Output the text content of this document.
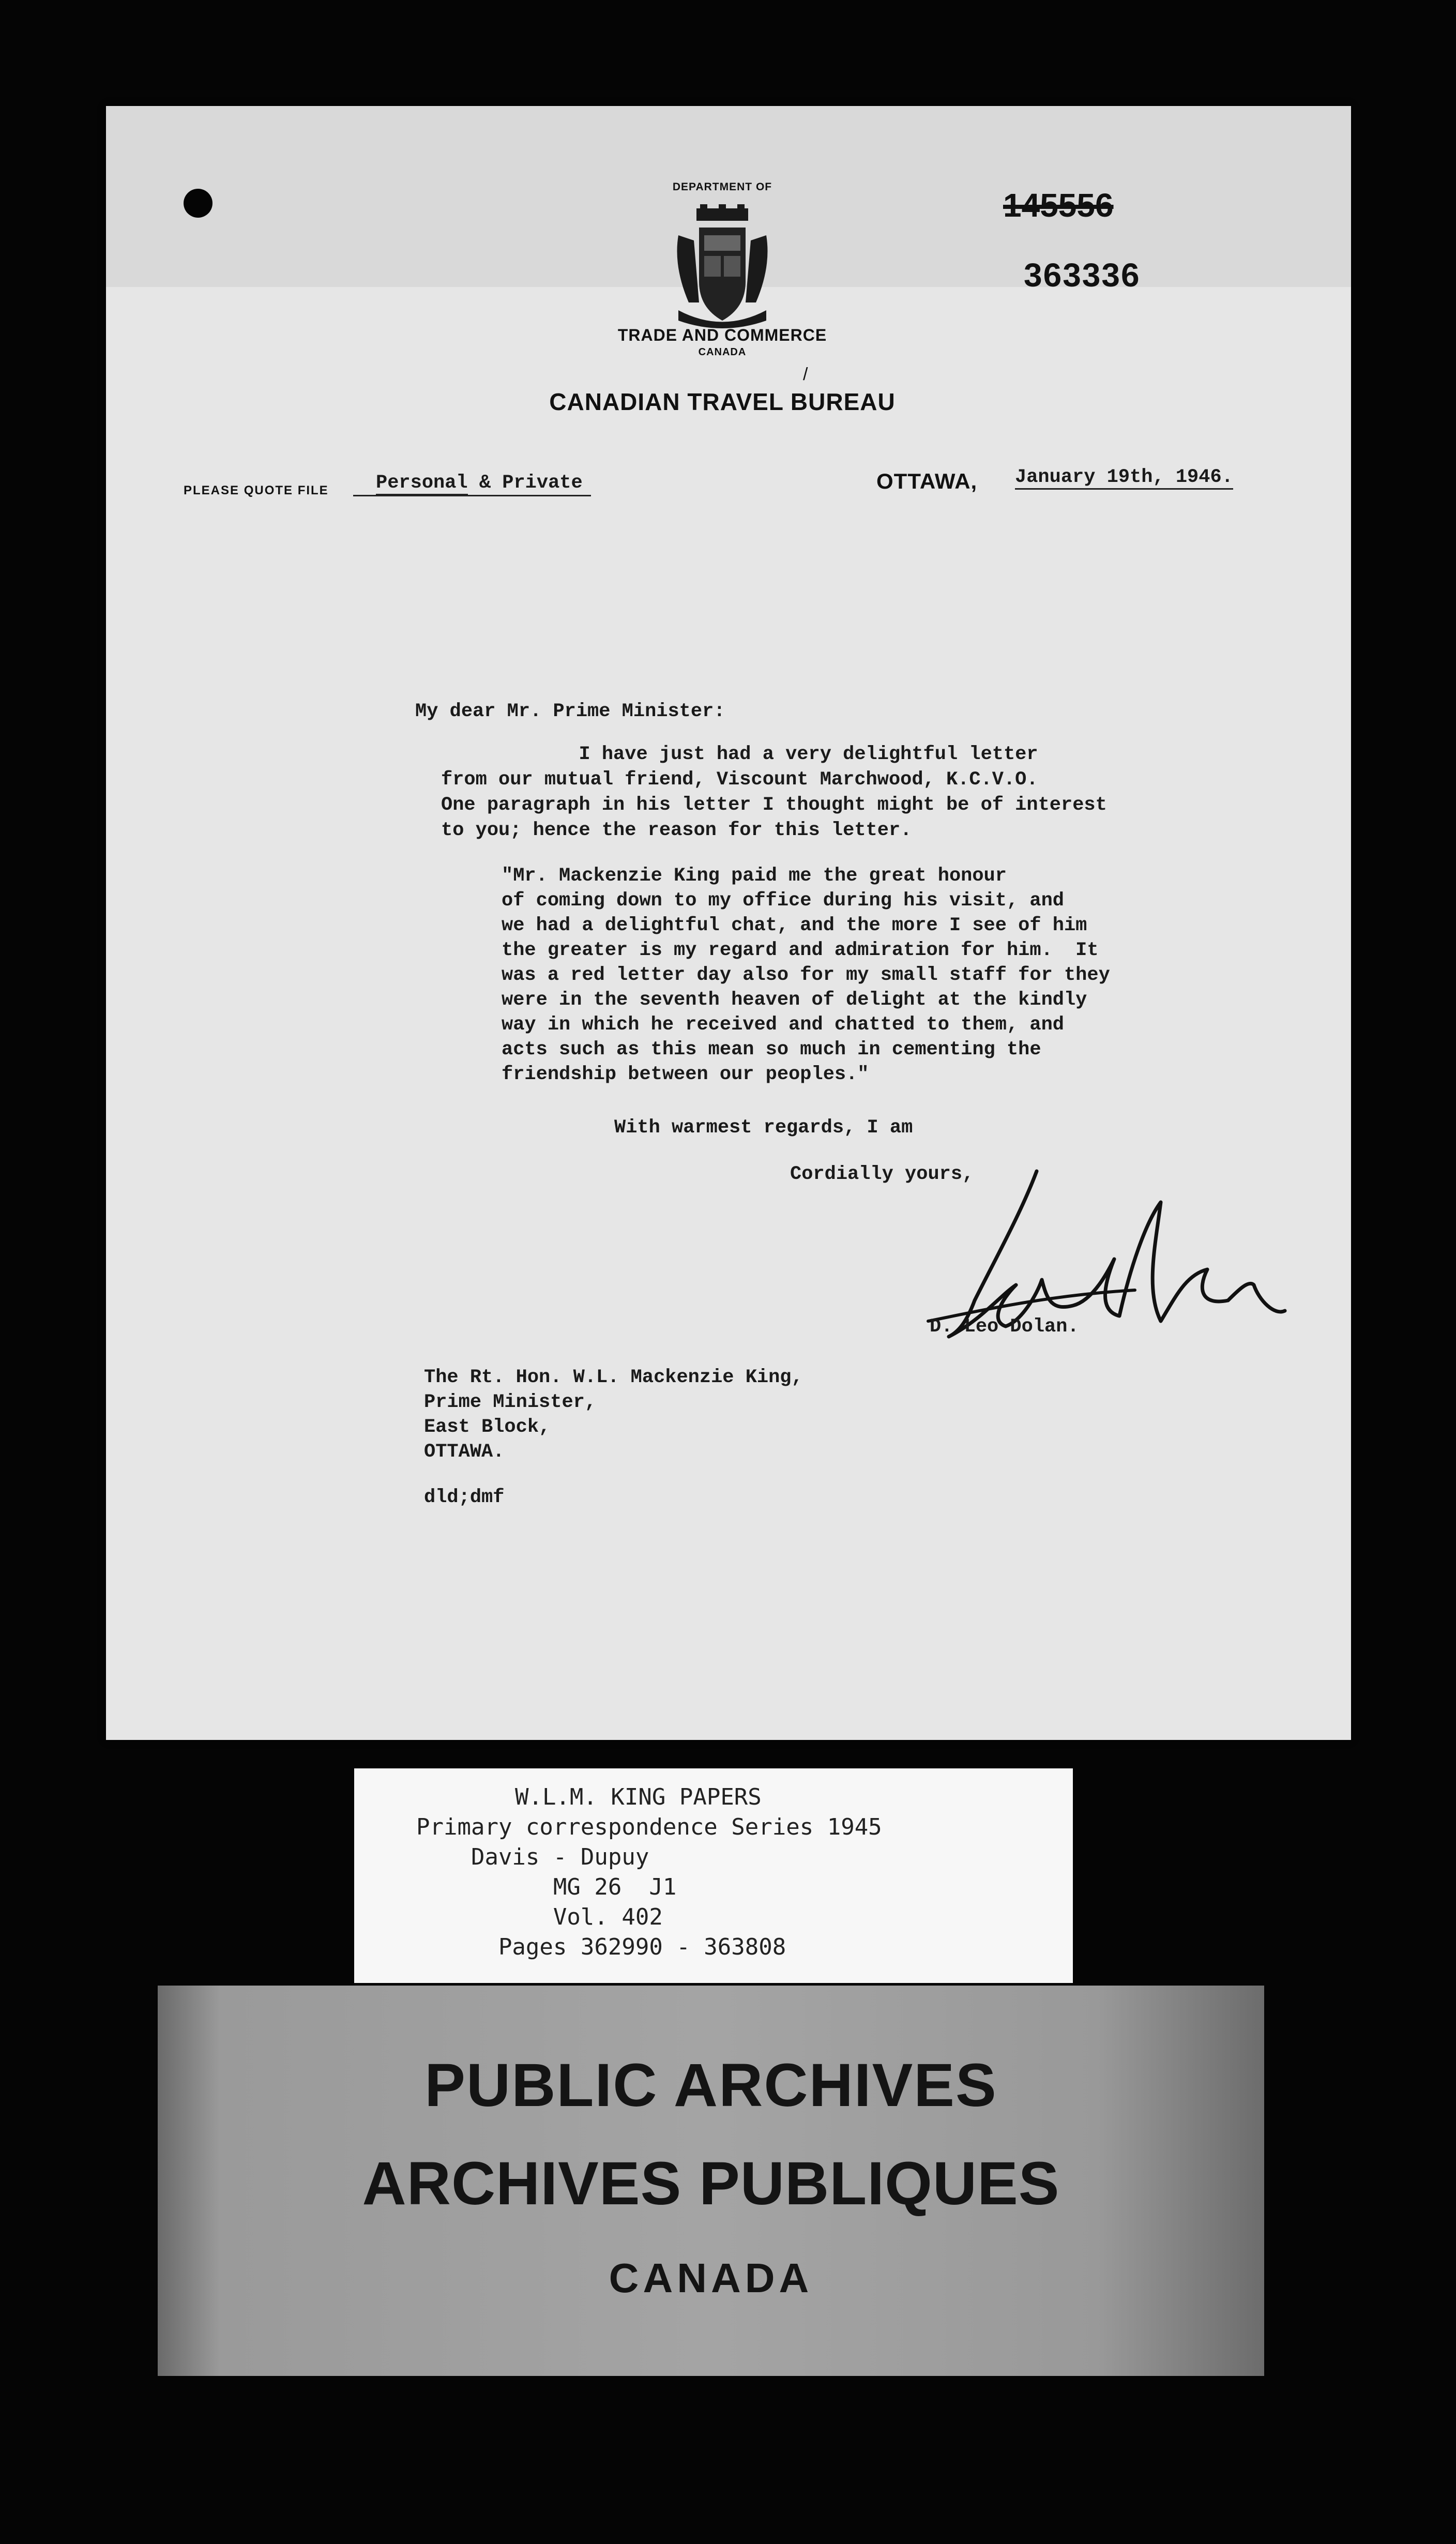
DEPARTMENT OF
TRADE AND COMMERCE
CANADA
/
CANADIAN TRAVEL BUREAU
145556
363336
PLEASE QUOTE FILE Personal & Private	OTTAWA, January 19th, 1946.
My dear Mr. Prime Minister:
I have just had a very delightful letter
from our mutual friend, Viscount Marchwood, K.C.V.O.
One paragraph in his letter I thought might be of interest
to you; hence the reason for this letter.
"Mr. Mackenzie King paid me the great honour
of coming down to my office during his visit, and
we had a delightful chat, and the more I see of him
the greater is my regard and admiration for him.  It
was a red letter day also for my small staff for they
were in the seventh heaven of delight at the kindly
way in which he received and chatted to them, and
acts such as this mean so much in cementing the
friendship between our peoples."
With warmest regards, I am
Cordially yours,
D. Leo Dolan.
The Rt. Hon. W.L. Mackenzie King,
Prime Minister,
East Block,
OTTAWA.
dld;dmf
W.L.M. KING PAPERS
Primary correspondence Series 1945
Davis - Dupuy
MG 26  J1
Vol. 402
Pages 362990 - 363808
PUBLIC ARCHIVES
ARCHIVES PUBLIQUES
CANADA
